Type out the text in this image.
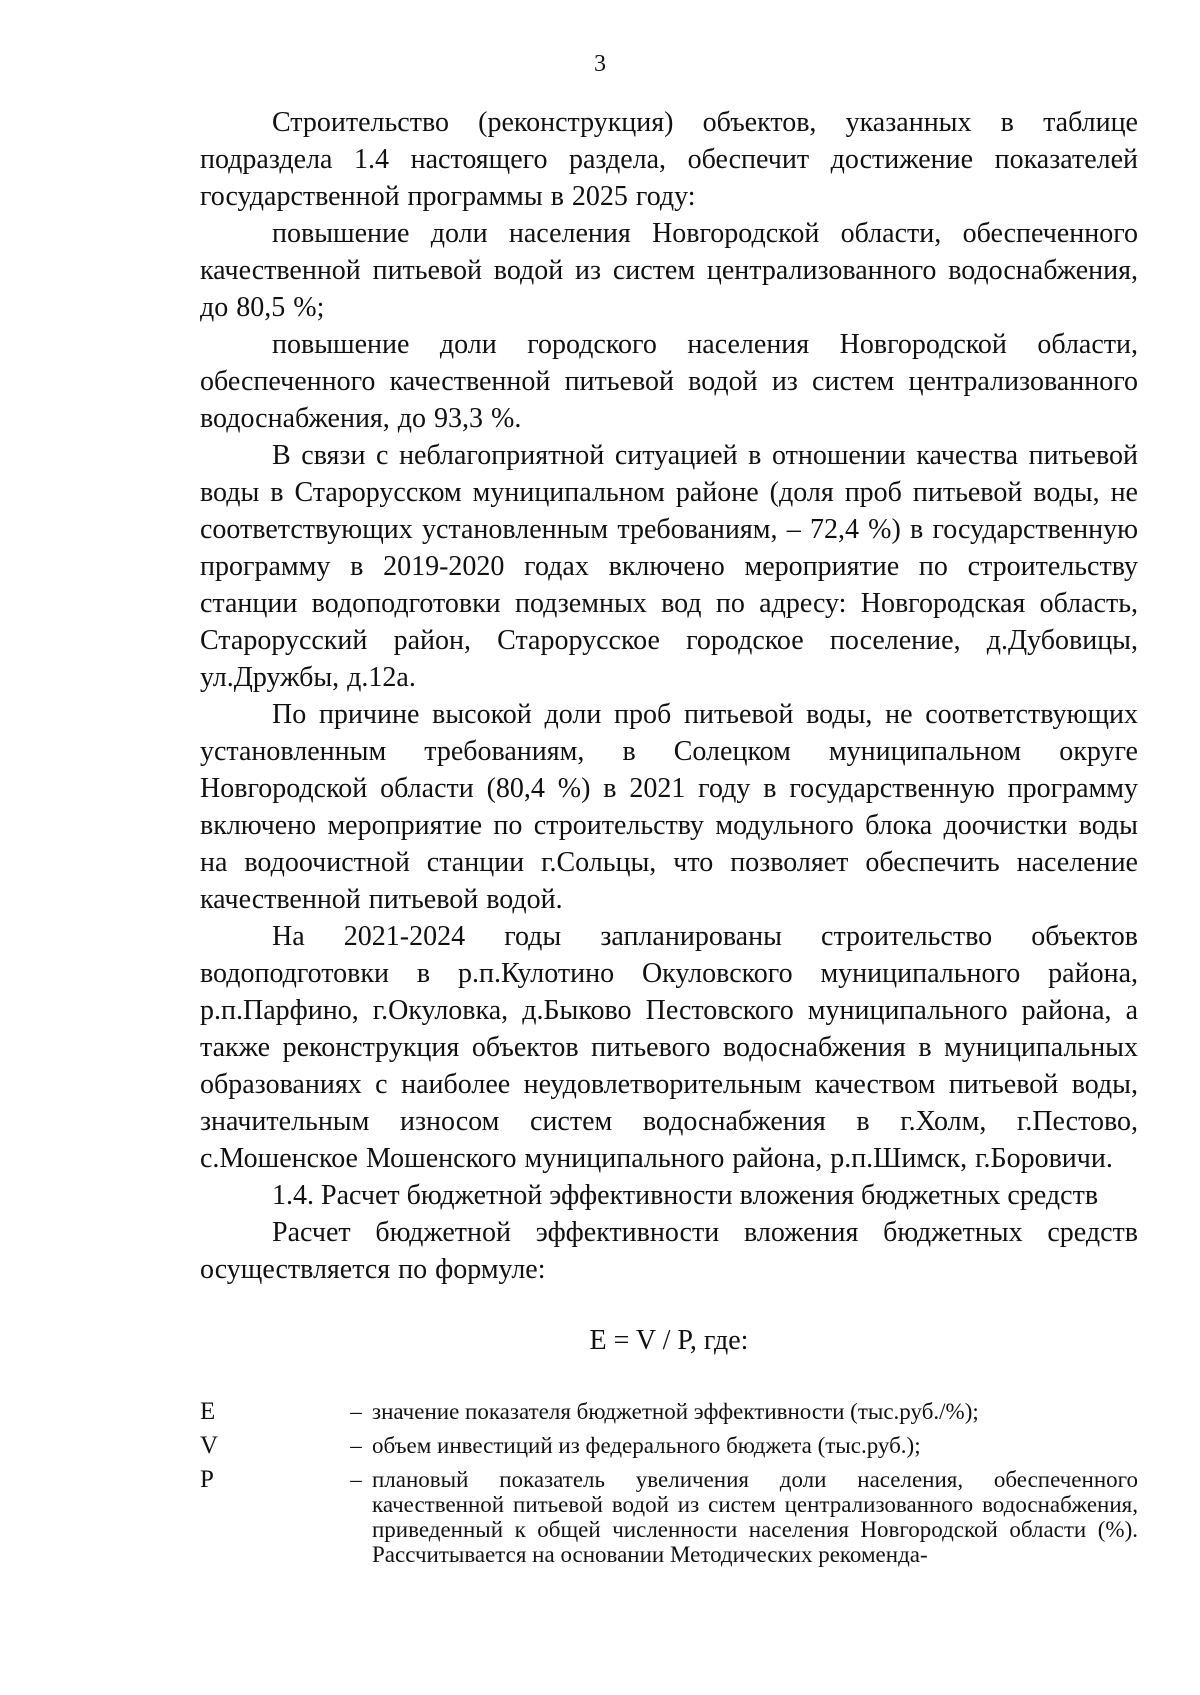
3

Строительство (реконструкция) объектов, указанных в таблице подраздела 1.4 настоящего раздела, обеспечит достижение показателей государственной программы в 2025 году:

повышение доли населения Новгородской области, обеспеченного качественной питьевой водой из систем централизованного водоснабжения, до 80,5 %;

повышение доли городского населения Новгородской области, обеспеченного качественной питьевой водой из систем централизованного водоснабжения, до 93,3 %.

В связи с неблагоприятной ситуацией в отношении качества питьевой воды в Старорусском муниципальном районе (доля проб питьевой воды, не соответствующих установленным требованиям, – 72,4 %) в государственную программу в 2019-2020 годах включено мероприятие по строительству станции водоподготовки подземных вод по адресу: Новгородская область, Старорусский район, Старорусское городское поселение, д.Дубовицы, ул.Дружбы, д.12а.

По причине высокой доли проб питьевой воды, не соответствующих установленным требованиям, в Солецком муниципальном округе Новгородской области (80,4 %) в 2021 году в государственную программу включено мероприятие по строительству модульного блока доочистки воды на водоочистной станции г.Сольцы, что позволяет обеспечить население качественной питьевой водой.

На 2021-2024 годы запланированы строительство объектов водоподготовки в р.п.Кулотино Окуловского муниципального района, р.п.Парфино, г.Окуловка, д.Быково Пестовского муниципального района, а также реконструкция объектов питьевого водоснабжения в муниципальных образованиях с наиболее неудовлетворительным качеством питьевой воды, значительным износом систем водоснабжения в г.Холм, г.Пестово, с.Мошенское Мошенского муниципального района, р.п.Шимск, г.Боровичи.

1.4. Расчет бюджетной эффективности вложения бюджетных средств

Расчет бюджетной эффективности вложения бюджетных средств осуществляется по формуле:

E = V / P, где:

E	– значение показателя бюджетной эффективности (тыс.руб./%);
V	– объем инвестиций из федерального бюджета (тыс.руб.);
P	– плановый показатель увеличения доли населения, обеспеченного качественной питьевой водой из систем централизованного водоснабжения, приведенный к общей численности населения Новгородской области (%). Рассчитывается на основании Методических рекоменда-
